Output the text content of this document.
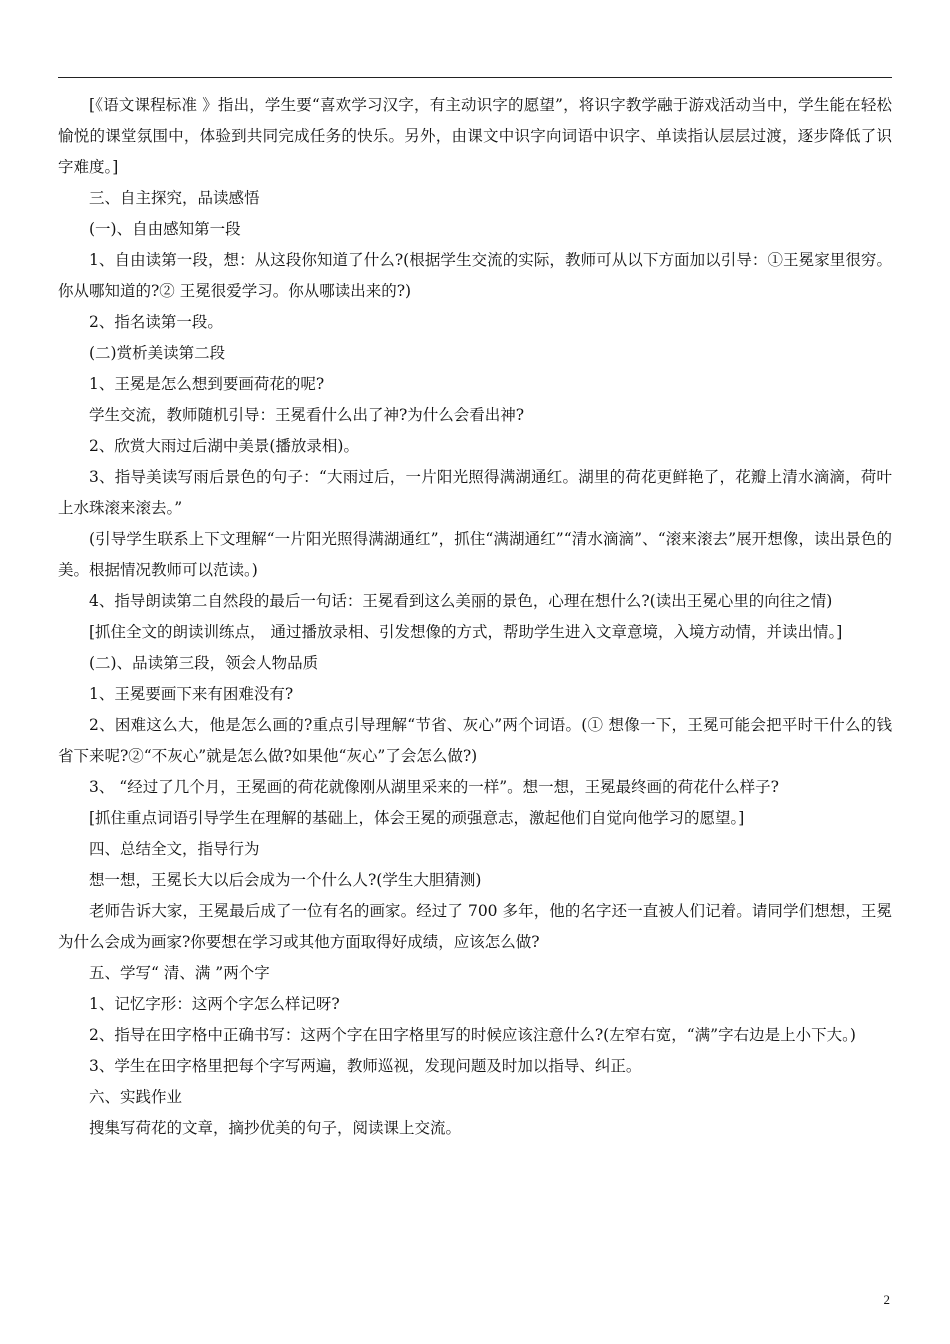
[《语文课程标准 》指出，学生要“喜欢学习汉字，有主动识字的愿望”，将识字教学融于游戏活动当中，学生能在轻松愉悦的课堂氛围中，体验到共同完成任务的快乐。另外，由课文中识字向词语中识字、单读指认层层过渡，逐步降低了识字难度。]

三、自主探究，品读感悟

(一)、自由感知第一段

1、自由读第一段，想：从这段你知道了什么?(根据学生交流的实际，教师可从以下方面加以引导：①王冕家里很穷。你从哪知道的?② 王冕很爱学习。你从哪读出来的?)

2、指名读第一段。

(二)赏析美读第二段

1、王冕是怎么想到要画荷花的呢?

学生交流，教师随机引导：王冕看什么出了神?为什么会看出神?

2、欣赏大雨过后湖中美景(播放录相)。

3、指导美读写雨后景色的句子：“大雨过后，一片阳光照得满湖通红。湖里的荷花更鲜艳了，花瓣上清水滴滴，荷叶上水珠滚来滚去。”

(引导学生联系上下文理解“一片阳光照得满湖通红”，抓住“满湖通红”“清水滴滴”、“滚来滚去”展开想像，读出景色的美。根据情况教师可以范读。)

4、指导朗读第二自然段的最后一句话：王冕看到这么美丽的景色，心理在想什么?(读出王冕心里的向往之情)

[抓住全文的朗读训练点， 通过播放录相、引发想像的方式，帮助学生进入文章意境，入境方动情，并读出情。]

(二)、品读第三段，领会人物品质

1、王冕要画下来有困难没有?

2、困难这么大，他是怎么画的?重点引导理解“节省、灰心”两个词语。(① 想像一下，王冕可能会把平时干什么的钱省下来呢?②“不灰心”就是怎么做?如果他“灰心”了会怎么做?)

3、 “经过了几个月，王冕画的荷花就像刚从湖里采来的一样”。想一想，王冕最终画的荷花什么样子?

[抓住重点词语引导学生在理解的基础上，体会王冕的顽强意志，激起他们自觉向他学习的愿望。]

四、总结全文，指导行为

想一想，王冕长大以后会成为一个什么人?(学生大胆猜测)

老师告诉大家，王冕最后成了一位有名的画家。经过了 700 多年，他的名字还一直被人们记着。请同学们想想，王冕为什么会成为画家?你要想在学习或其他方面取得好成绩，应该怎么做?

五、学写“ 清、满 ”两个字

1、记忆字形：这两个字怎么样记呀?

2、指导在田字格中正确书写：这两个字在田字格里写的时候应该注意什么?(左窄右宽，“满”字右边是上小下大。)

3、学生在田字格里把每个字写两遍，教师巡视，发现问题及时加以指导、纠正。

六、实践作业

搜集写荷花的文章，摘抄优美的句子，阅读课上交流。

2
